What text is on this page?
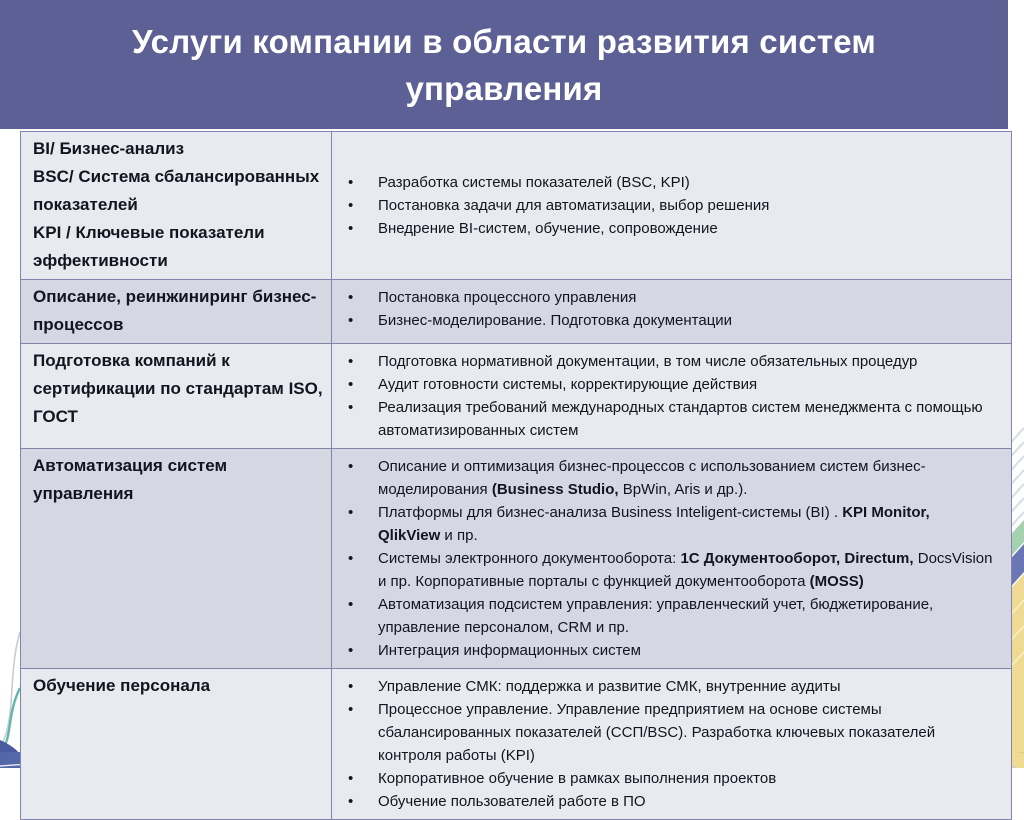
Услуги компании в области развития систем
управления
BI/ Бизнес-анализ
BSC/ Система сбалансированных показателей
KPI / Ключевые показатели эффективности
• Разработка системы показателей (BSC, KPI)
• Постановка задачи для автоматизации, выбор решения
• Внедрение BI-систем, обучение, сопровождение
Описание, реинжиниринг бизнес-процессов
• Постановка процессного управления
• Бизнес-моделирование. Подготовка документации
Подготовка компаний к сертификации по стандартам ISO, ГОСТ
• Подготовка нормативной документации, в том числе обязательных процедур
• Аудит готовности системы, корректирующие действия
• Реализация требований международных стандартов систем менеджмента с помощью автоматизированных систем
Автоматизация систем управления
• Описание и оптимизация бизнес-процессов с использованием систем бизнес-моделирования (Business Studio, BpWin, Aris и др.).
• Платформы для бизнес-анализа Business Inteligent-системы (BI) . KPI Monitor, QlikView и пр.
• Системы электронного документооборота: 1С Документооборот, Directum, DocsVision и пр. Корпоративные порталы с функцией документооборота (MOSS)
• Автоматизация подсистем управления: управленческий учет, бюджетирование, управление персоналом, CRM и пр.
• Интеграция информационных систем
Обучение персонала	• Управление СМК: поддержка и развитие СМК, внутренние аудиты
• Процессное управление. Управление предприятием на основе системы сбалансированных показателей (ССП/BSC). Разработка ключевых показателей контроля работы (KPI)
• Корпоративное обучение в рамках выполнения проектов
• Обучение пользователей работе в ПО
